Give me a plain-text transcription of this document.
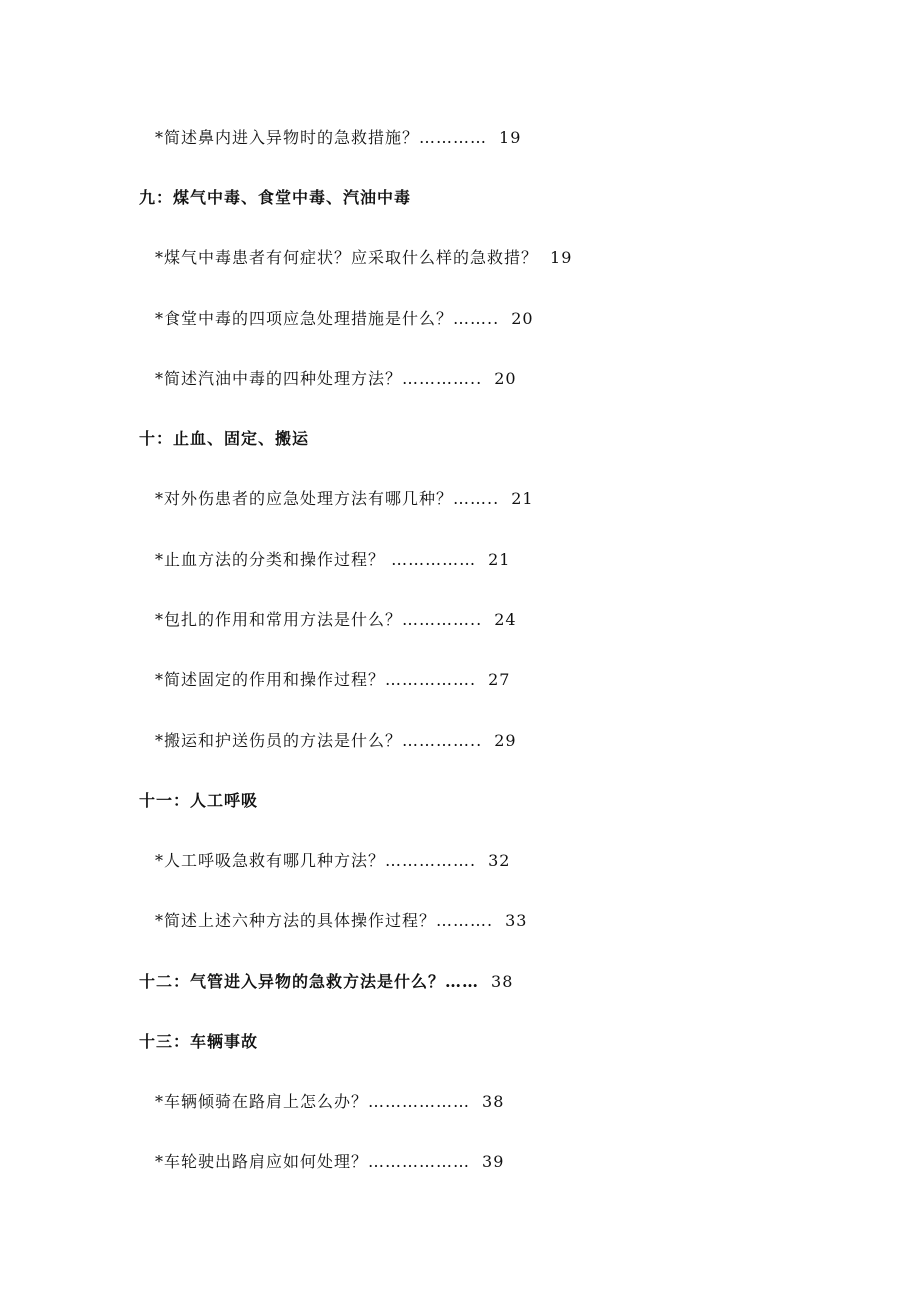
*简述鼻内进入异物时的急救措施？………… 19
九：煤气中毒、食堂中毒、汽油中毒
*煤气中毒患者有何症状？应采取什么样的急救措？ 19
*食堂中毒的四项应急处理措施是什么？…….. 20
*简述汽油中毒的四种处理方法？………….. 20
十：止血、固定、搬运
*对外伤患者的应急处理方法有哪几种？…….. 21
*止血方法的分类和操作过程？ …………… 21
*包扎的作用和常用方法是什么？………….. 24
*简述固定的作用和操作过程？……………. 27
*搬运和护送伤员的方法是什么？………….. 29
十一：人工呼吸
*人工呼吸急救有哪几种方法？……………. 32
*简述上述六种方法的具体操作过程？………. 33
十二：气管进入异物的急救方法是什么？…… 38
十三：车辆事故
*车辆倾骑在路肩上怎么办？……………… 38
*车轮驶出路肩应如何处理？……………… 39
